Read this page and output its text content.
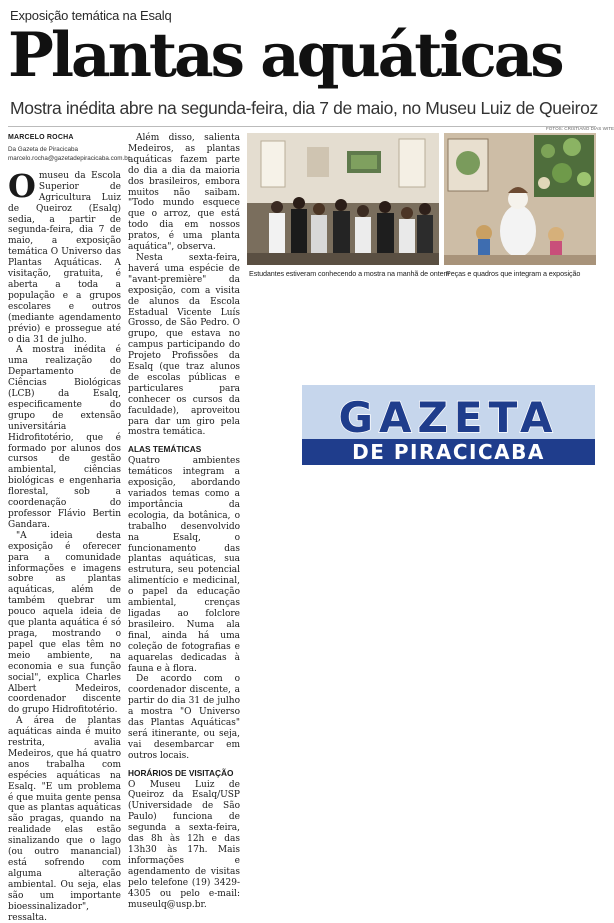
Exposição temática na Esalq
Plantas aquáticas
Mostra inédita abre na segunda-feira, dia 7 de maio, no Museu Luiz de Queiroz
MARCELO ROCHA
Da Gazeta de Piracicaba
marcelo.rocha@gazetadepiracicaba.com.br

Omuseu da Escola Superior de Agricultura Luiz de Queiroz (Esalq) sedia, a partir de segunda-feira, dia 7 de maio, a exposição temática O Universo das Plantas Aquáticas. A visitação, gratuita, é aberta a toda a população e a grupos escolares e outros (mediante agendamento prévio) e prossegue até o dia 31 de julho.

A mostra inédita é uma realização do Departamento de Ciências Biológicas (LCB) da Esalq, especificamente do grupo de extensão universitária Hidrofitotério, que é formado por alunos dos cursos de gestão ambiental, ciências biológicas e engenharia florestal, sob a coordenação do professor Flávio Bertin Gandara.

"A ideia desta exposição é oferecer para a comunidade informações e imagens sobre as plantas aquáticas, além de também quebrar um pouco aquela ideia de que planta aquática é só praga, mostrando o papel que elas têm no meio ambiente, na economia e sua função social", explica Charles Albert Medeiros, coordenador discente do grupo Hidrofitotério.

A área de plantas aquáticas ainda é muito restrita, avalia Medeiros, que há quatro anos trabalha com espécies aquáticas na Esalq. "E um problema é que muita gente pensa que as plantas aquáticas são pragas, quando na realidade elas estão sinalizando que o lago (ou outro manancial) está sofrendo com alguma alteração ambiental. Ou seja, elas são um importante bioessinalizador", ressalta.

Além disso, salienta Medeiros, as plantas aquáticas fazem parte do dia a dia da maioria dos brasileiros, embora muitos não saibam. "Todo mundo esquece que o arroz, que está todo dia em nossos pratos, é uma planta aquática", observa.

Nesta sexta-feira, haverá uma espécie de "avant-première" da exposição, com a visita de alunos da Escola Estadual Vicente Luís Grosso, de São Pedro. O grupo, que estava no campus participando do Projeto Profissões da Esalq (que traz alunos de escolas públicas e particulares para conhecer os cursos da faculdade), aproveitou para dar um giro pela mostra temática.

ALAS TEMÁTICAS

Quatro ambientes temáticos integram a exposição, abordando variados temas como a importância da ecologia, da botânica, o trabalho desenvolvido na Esalq, o funcionamento das plantas aquáticas, sua estrutura, seu potencial alimentício e medicinal, o papel da educação ambiental, crenças ligadas ao folclore brasileiro. Numa ala final, ainda há uma coleção de fotografias e aquarelas dedicadas à fauna e à flora.

De acordo com o coordenador discente, a partir do dia 31 de julho a mostra "O Universo das Plantas Aquáticas" será itinerante, ou seja, vai desembarcar em outros locais.

HORÁRIOS DE VISITAÇÃO

O Museu Luiz de Queiroz da Esalq/USP (Universidade de São Paulo) funciona de segunda a sexta-feira, das 8h às 12h e das 13h30 às 17h. Mais informações e agendamento de visitas pelo telefone (19) 3429-4305 ou pelo e-mail: museulq@usp.br.

FOTOS: CRISTIANO DIAS WITE
Estudantes estiveram conhecendo a mostra na manhã de ontem
Peças e quadros que integram a exposição
GAZETA
DE PIRACICABA
